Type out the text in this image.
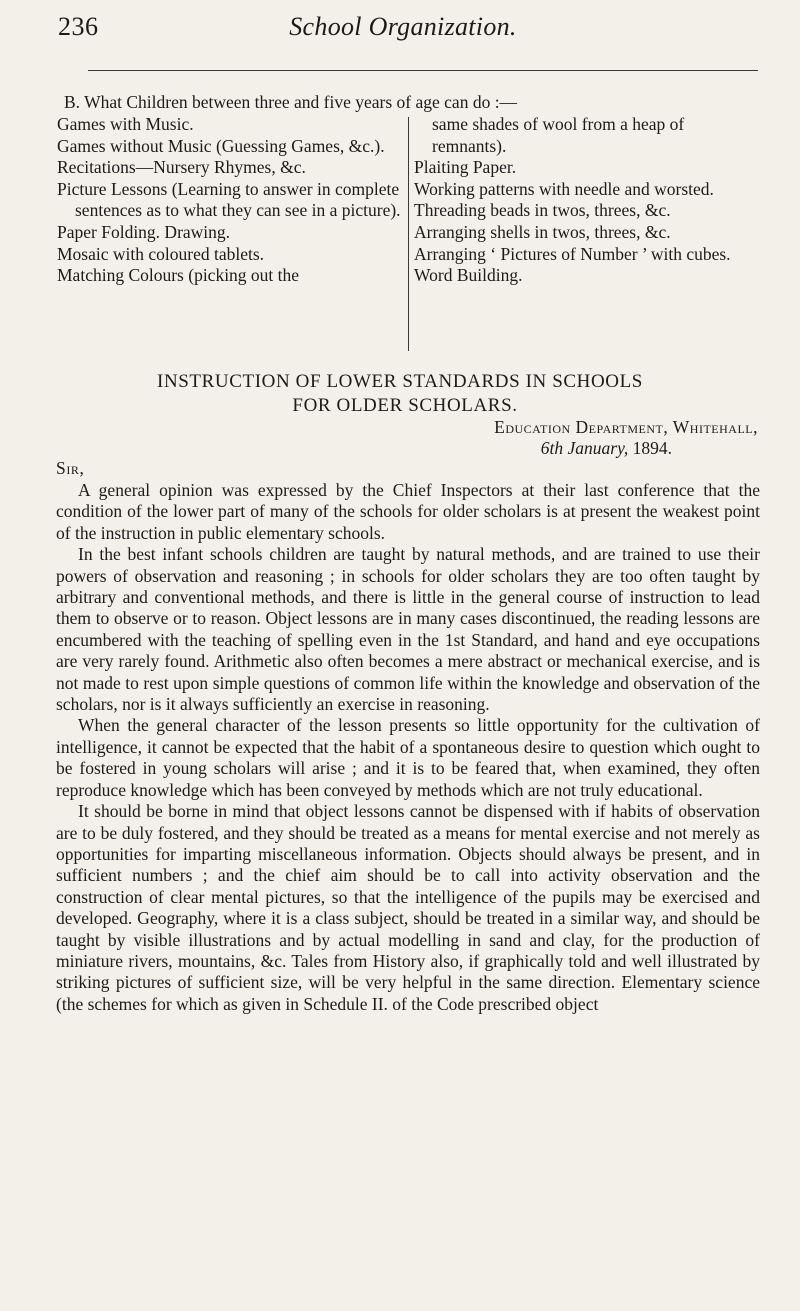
236	School Organization.
B. What Children between three and five years of age can do :—
Games with Music.
Games without Music (Guessing Games, &c.).
Recitations—Nursery Rhymes, &c.
Picture Lessons (Learning to answer in complete sentences as to what they can see in a picture).
Paper Folding. Drawing.
Mosaic with coloured tablets.
Matching Colours (picking out the
same shades of wool from a heap of remnants).
Plaiting Paper.
Working patterns with needle and worsted.
Threading beads in twos, threes, &c.
Arranging shells in twos, threes, &c.
Arranging ‘ Pictures of Number ’ with cubes.
Word Building.
INSTRUCTION OF LOWER STANDARDS IN SCHOOLS
FOR OLDER SCHOLARS.
Education Department, Whitehall,
6th January, 1894.
Sir,

A general opinion was expressed by the Chief Inspectors at their last conference that the condition of the lower part of many of the schools for older scholars is at present the weakest point of the instruction in public elementary schools.

In the best infant schools children are taught by natural methods, and are trained to use their powers of observation and reasoning ; in schools for older scholars they are too often taught by arbitrary and conventional methods, and there is little in the general course of instruction to lead them to observe or to reason. Object lessons are in many cases discontinued, the reading lessons are encumbered with the teaching of spelling even in the 1st Standard, and hand and eye occupations are very rarely found. Arithmetic also often becomes a mere abstract or mechanical exercise, and is not made to rest upon simple questions of common life within the knowledge and observation of the scholars, nor is it always sufficiently an exercise in reasoning.

When the general character of the lesson presents so little opportunity for the cultivation of intelligence, it cannot be expected that the habit of a spontaneous desire to question which ought to be fostered in young scholars will arise ; and it is to be feared that, when examined, they often reproduce knowledge which has been conveyed by methods which are not truly educational.

It should be borne in mind that object lessons cannot be dispensed with if habits of observation are to be duly fostered, and they should be treated as a means for mental exercise and not merely as opportunities for imparting miscellaneous information. Objects should always be present, and in sufficient numbers ; and the chief aim should be to call into activity observation and the construction of clear mental pictures, so that the intelligence of the pupils may be exercised and developed. Geography, where it is a class subject, should be treated in a similar way, and should be taught by visible illustrations and by actual modelling in sand and clay, for the production of miniature rivers, mountains, &c. Tales from History also, if graphically told and well illustrated by striking pictures of sufficient size, will be very helpful in the same direction. Elementary science (the schemes for which as given in Schedule II. of the Code prescribed object
